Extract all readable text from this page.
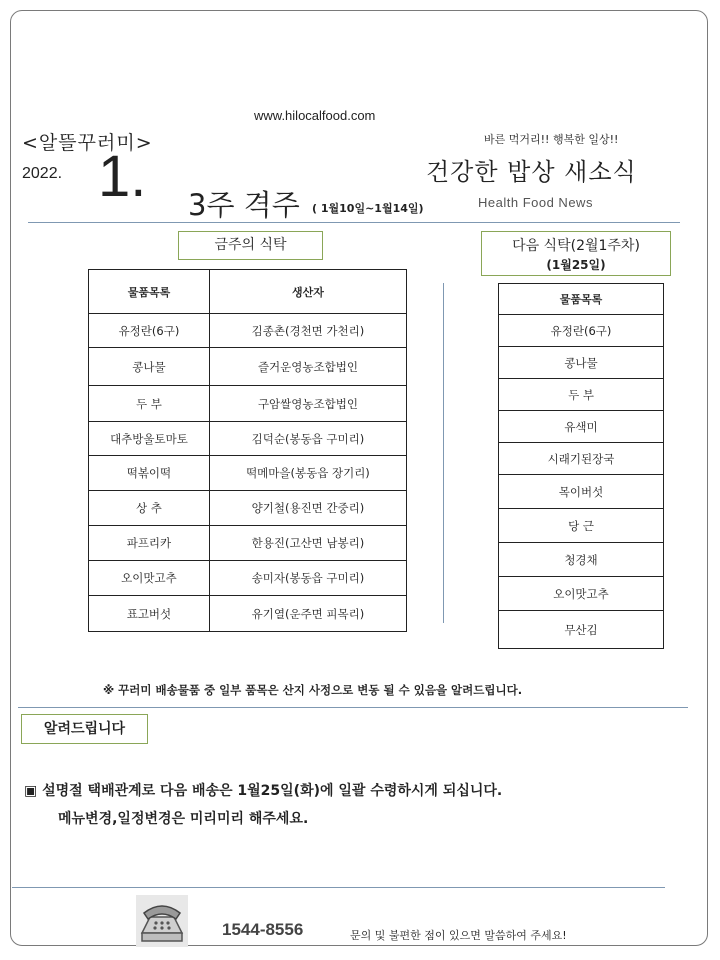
www.hilocalfood.com
<알뜰꾸러미>	바른 먹거리!! 행복한 일상!!
2022. 1. 3주 격주 ( 1월10일~1월14일)
건강한 밥상 새소식
Health Food News
금주의 식탁	다음 식탁(2월1주차)
(1월25일)
물품목록	생산자
유정란(6구)	김종촌(경천면 가천리)
콩나물	즐거운영농조합법인
두 부	구암쌀영농조합법인
대추방울토마토	김덕순(봉동읍 구미리)
떡볶이떡	떡메마을(봉동읍 장기리)
상 추	양기철(용진면 간중리)
파프리카	한용진(고산면 남봉리)
오이맛고추	송미자(봉동읍 구미리)
표고버섯	유기열(운주면 피목리)
물품목록
유정란(6구)
콩나물
두 부
유색미
시래기된장국
목이버섯
당 근
청경채
오이맛고추
무산김
※ 꾸러미 배송물품 중 일부 품목은 산지 사정으로 변동 될 수 있음을 알려드립니다.
알려드립니다
▣ 설명절 택배관계로 다음 배송은 1월25일(화)에 일괄 수령하시게 되십니다.
메뉴변경,일정변경은 미리미리 해주세요.
1544-8556	문의 및 불편한 점이 있으면 말씀하여 주세요!
